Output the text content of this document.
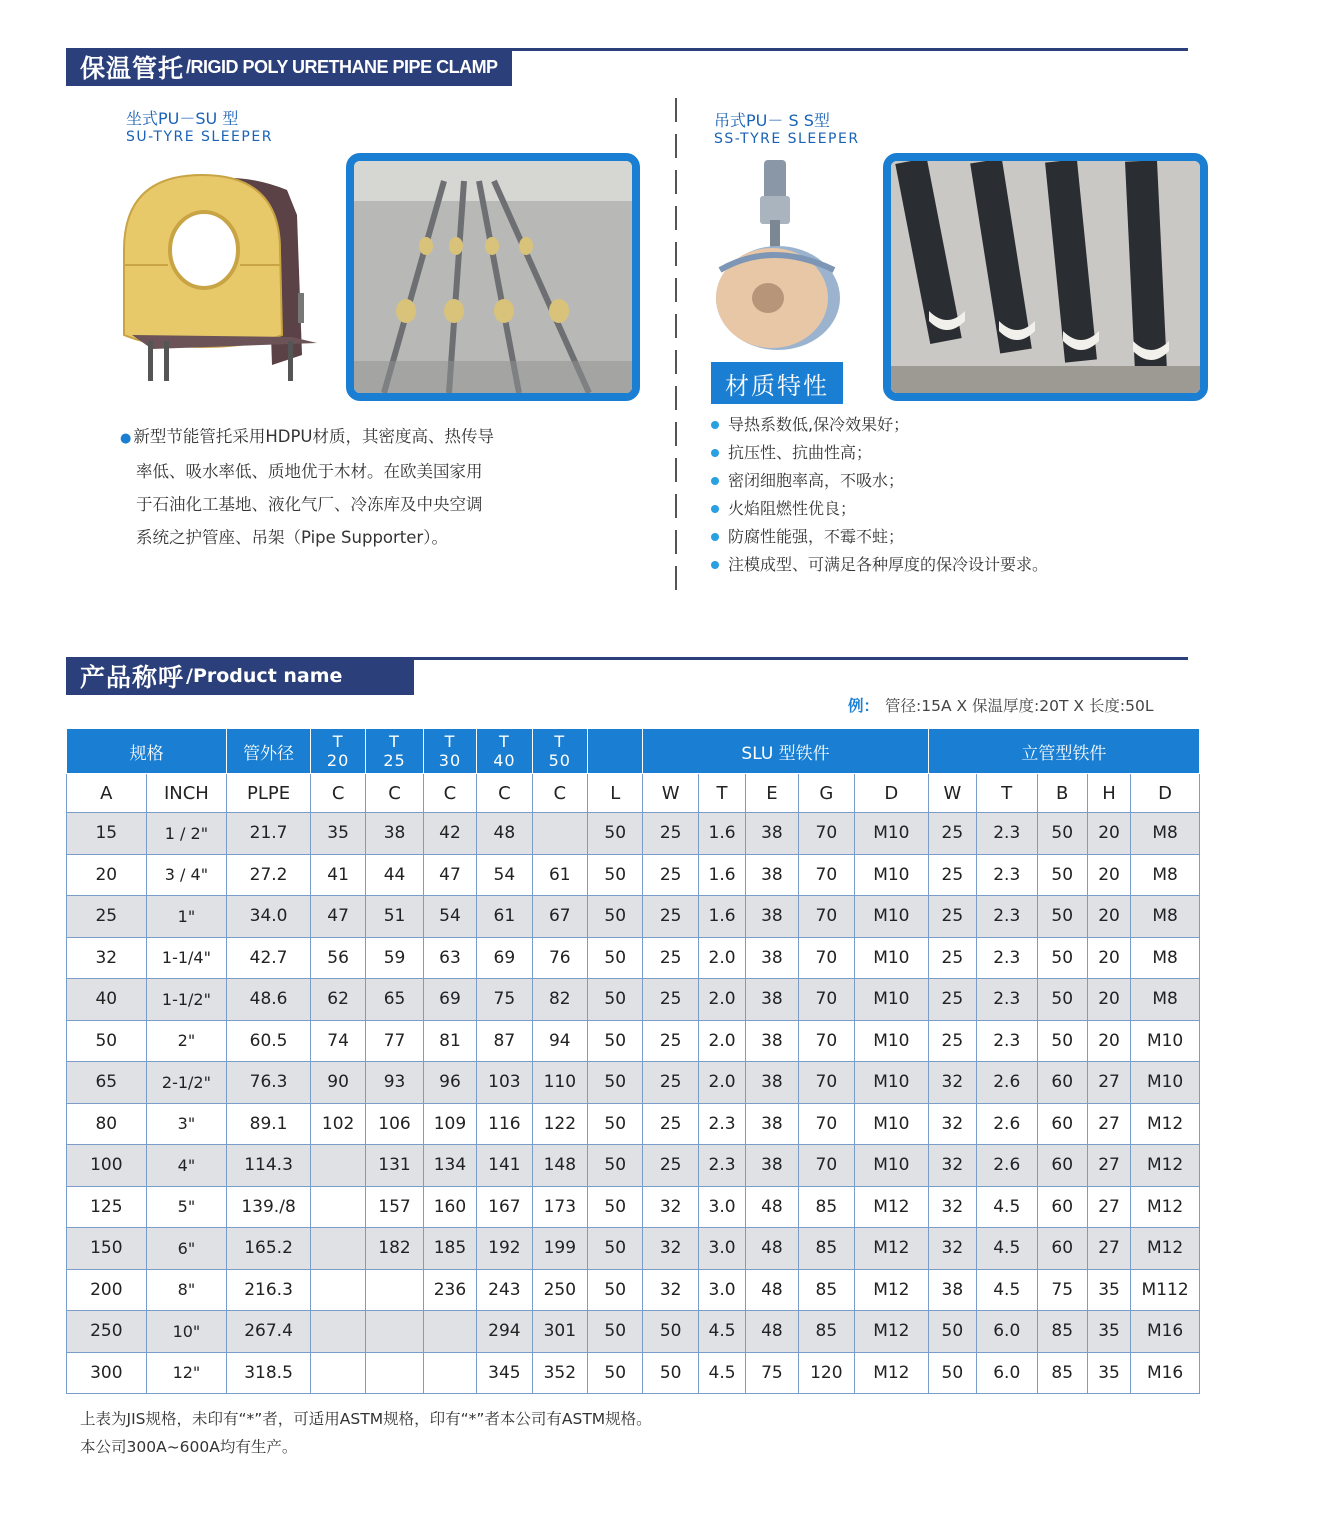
保温管托 /RIGID POLY URETHANE PIPE CLAMP
坐式PU－SU 型
SU-TYRE SLEEPER
吊式PU－ S S型
SS-TYRE SLEEPER
材质特性
● 新型节能管托采用HDPU材质，其密度高、热传导
率低、吸水率低、质地优于木材。在欧美国家用
于石油化工基地、液化气厂、冷冻库及中央空调
系统之护管座、吊架（Pipe Supporter）。
导热系数低,保冷效果好；
抗压性、抗曲性高；
密闭细胞率高，不吸水；
火焰阻燃性优良；
防腐性能强，不霉不蛀；
注模成型、可满足各种厚度的保冷设计要求。
产品称呼 /Product name
例： 管径:15A X 保温厚度:20T X 长度:50L
规格		管外径	T
20	T
25	T
30	T
40	T
50		SLU 型铁件					立管型铁件				
A	INCH	PLPE	C	C	C	C	C	L	W	T	E	G	D	W	T	B	H	D
15	1 / 2"	21.7	35	38	42	48		50	25	1.6	38	70	M10	25	2.3	50	20	M8
20	3 / 4"	27.2	41	44	47	54	61	50	25	1.6	38	70	M10	25	2.3	50	20	M8
25	1"	34.0	47	51	54	61	67	50	25	1.6	38	70	M10	25	2.3	50	20	M8
32	1-1/4"	42.7	56	59	63	69	76	50	25	2.0	38	70	M10	25	2.3	50	20	M8
40	1-1/2"	48.6	62	65	69	75	82	50	25	2.0	38	70	M10	25	2.3	50	20	M8
50	2"	60.5	74	77	81	87	94	50	25	2.0	38	70	M10	25	2.3	50	20	M10
65	2-1/2"	76.3	90	93	96	103	110	50	25	2.0	38	70	M10	32	2.6	60	27	M10
80	3"	89.1	102	106	109	116	122	50	25	2.3	38	70	M10	32	2.6	60	27	M12
100	4"	114.3		131	134	141	148	50	25	2.3	38	70	M10	32	2.6	60	27	M12
125	5"	139./8		157	160	167	173	50	32	3.0	48	85	M12	32	4.5	60	27	M12
150	6"	165.2		182	185	192	199	50	32	3.0	48	85	M12	32	4.5	60	27	M12
200	8"	216.3			236	243	250	50	32	3.0	48	85	M12	38	4.5	75	35	M112
250	10"	267.4				294	301	50	50	4.5	48	85	M12	50	6.0	85	35	M16
300	12"	318.5				345	352	50	50	4.5	75	120	M12	50	6.0	85	35	M16
上表为JIS规格，未印有“*”者，可适用ASTM规格，印有“*”者本公司有ASTM规格。
本公司300A~600A均有生产。
